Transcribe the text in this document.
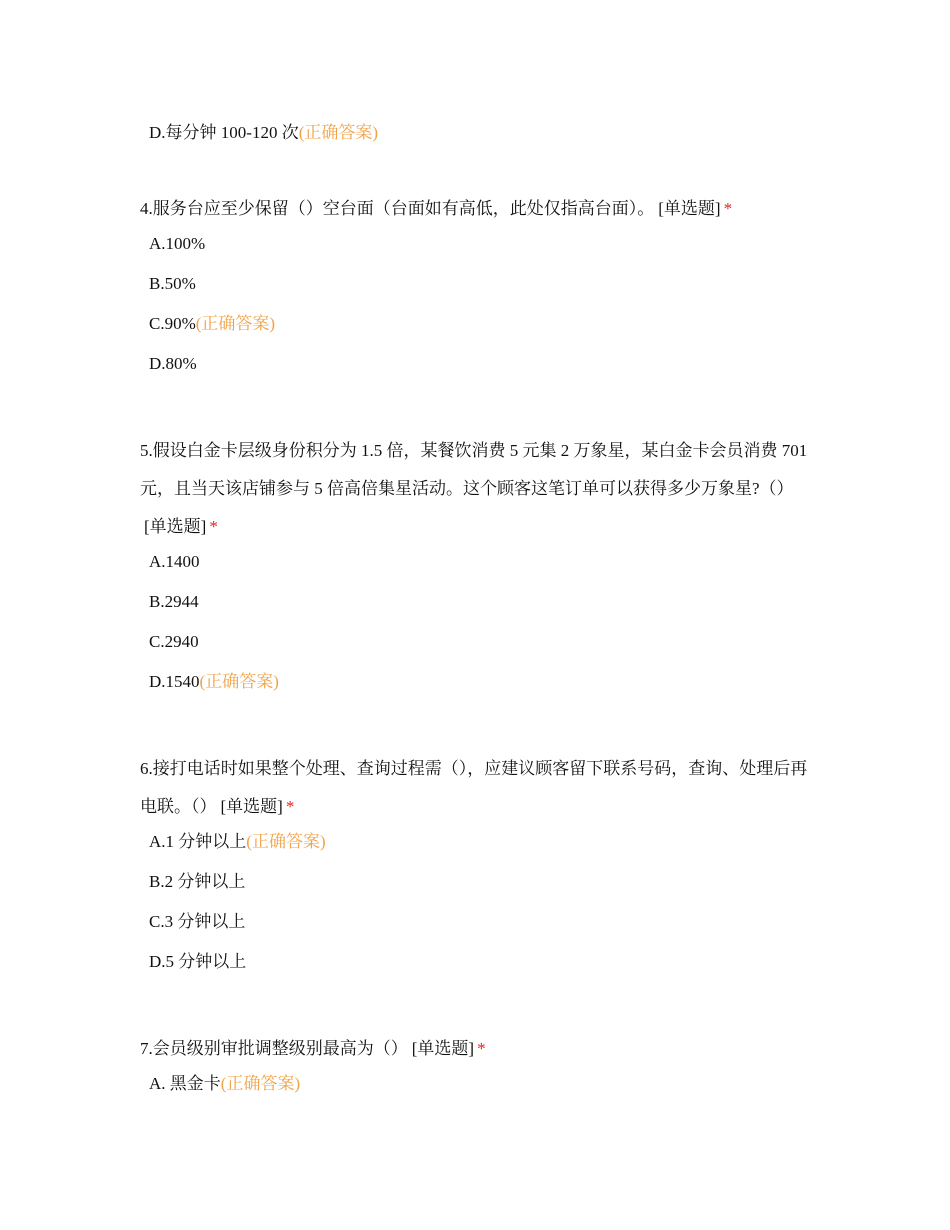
D.每分钟 100-120 次(正确答案)

4.服务台应至少保留（）空台面（台面如有高低，此处仅指高台面）。 [单选题] *

A.100%
B.50%
C.90%(正确答案)
D.80%

5.假设白金卡层级身份积分为 1.5 倍，某餐饮消费 5 元集 2 万象星，某白金卡会员消费 701 元，且当天该店铺参与 5 倍高倍集星活动。这个顾客这笔订单可以获得多少万象星?（）[单选题] *

A.1400
B.2944
C.2940
D.1540(正确答案)

6.接打电话时如果整个处理、查询过程需（），应建议顾客留下联系号码，查询、处理后再电联。（） [单选题] *

A.1 分钟以上(正确答案)
B.2 分钟以上
C.3 分钟以上
D.5 分钟以上

7.会员级别审批调整级别最高为（） [单选题] *

A. 黑金卡(正确答案)
